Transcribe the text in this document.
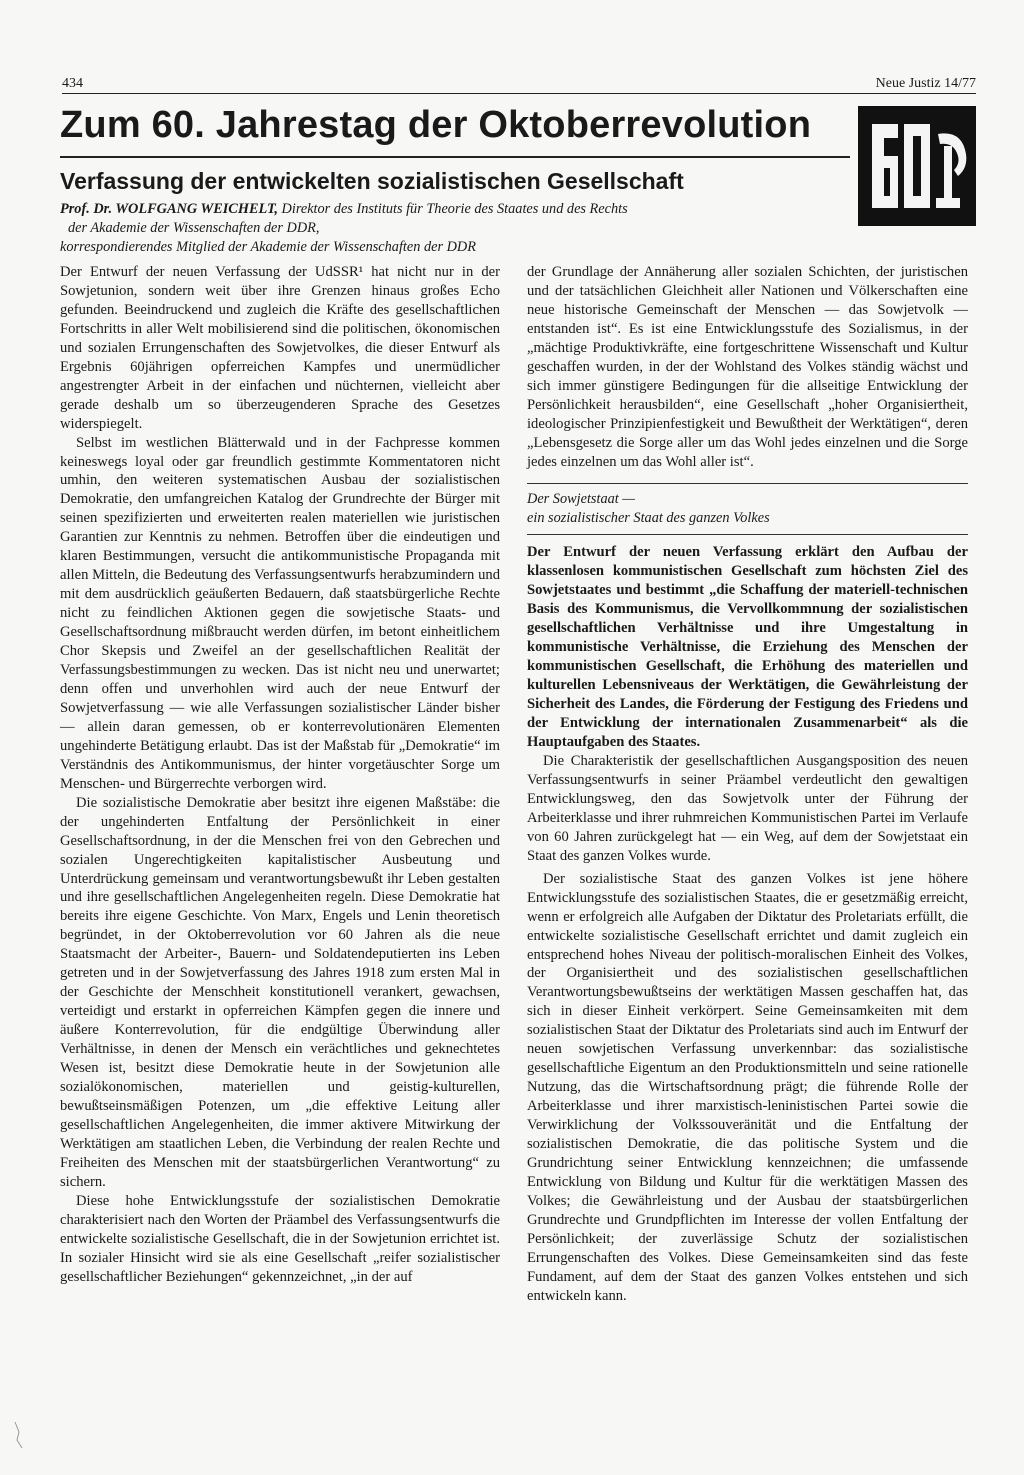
434	Neue Justiz 14/77
Zum 60. Jahrestag der Oktoberrevolution
Verfassung der entwickelten sozialistischen Gesellschaft
Prof. Dr. WOLFGANG WEICHELT, Direktor des Instituts für Theorie des Staates und des Rechts
der Akademie der Wissenschaften der DDR,
korrespondierendes Mitglied der Akademie der Wissenschaften der DDR

Der Entwurf der neuen Verfassung der UdSSR¹ hat nicht nur in der Sowjetunion, sondern weit über ihre Grenzen hinaus großes Echo gefunden. Beeindruckend und zugleich die Kräfte des gesellschaftlichen Fortschritts in aller Welt mobilisierend sind die politischen, ökonomischen und sozialen Errungenschaften des Sowjetvolkes, die dieser Entwurf als Ergebnis 60jährigen opferreichen Kampfes und unermüdlicher angestrengter Arbeit in der einfachen und nüchternen, vielleicht aber gerade deshalb um so überzeugenderen Sprache des Gesetzes widerspiegelt.

Selbst im westlichen Blätterwald und in der Fachpresse kommen keineswegs loyal oder gar freundlich gestimmte Kommentatoren nicht umhin, den weiteren systematischen Ausbau der sozialistischen Demokratie, den umfangreichen Katalog der Grundrechte der Bürger mit seinen spezifizierten und erweiterten realen materiellen wie juristischen Garantien zur Kenntnis zu nehmen. Betroffen über die eindeutigen und klaren Bestimmungen, versucht die antikommunistische Propaganda mit allen Mitteln, die Bedeutung des Verfassungsentwurfs herabzumindern und mit dem ausdrücklich geäußerten Bedauern, daß staatsbürgerliche Rechte nicht zu feindlichen Aktionen gegen die sowjetische Staats- und Gesellschaftsordnung mißbraucht werden dürfen, im betont einheitlichem Chor Skepsis und Zweifel an der gesellschaftlichen Realität der Verfassungsbestimmungen zu wecken. Das ist nicht neu und unerwartet; denn offen und unverhohlen wird auch der neue Entwurf der Sowjetverfassung — wie alle Verfassungen sozialistischer Länder bisher — allein daran gemessen, ob er konterrevolutionären Elementen ungehinderte Betätigung erlaubt. Das ist der Maßstab für „Demokratie“ im Verständnis des Antikommunismus, der hinter vorgetäuschter Sorge um Menschen- und Bürgerrechte verborgen wird.

Die sozialistische Demokratie aber besitzt ihre eigenen Maßstäbe: die der ungehinderten Entfaltung der Persönlichkeit in einer Gesellschaftsordnung, in der die Menschen frei von den Gebrechen und sozialen Ungerechtigkeiten kapitalistischer Ausbeutung und Unterdrückung gemeinsam und verantwortungsbewußt ihr Leben gestalten und ihre gesellschaftlichen Angelegenheiten regeln. Diese Demokratie hat bereits ihre eigene Geschichte. Von Marx, Engels und Lenin theoretisch begründet, in der Oktoberrevolution vor 60 Jahren als die neue Staatsmacht der Arbeiter-, Bauern- und Soldatendeputierten ins Leben getreten und in der Sowjetverfassung des Jahres 1918 zum ersten Mal in der Geschichte der Menschheit konstitutionell verankert, gewachsen, verteidigt und erstarkt in opferreichen Kämpfen gegen die innere und äußere Konterrevolution, für die endgültige Überwindung aller Verhältnisse, in denen der Mensch ein verächtliches und geknechtetes Wesen ist, besitzt diese Demokratie heute in der Sowjetunion alle sozialökonomischen, materiellen und geistig-kulturellen, bewußtseinsmäßigen Potenzen, um „die effektive Leitung aller gesellschaftlichen Angelegenheiten, die immer aktivere Mitwirkung der Werktätigen am staatlichen Leben, die Verbindung der realen Rechte und Freiheiten des Menschen mit der staatsbürgerlichen Verantwortung“ zu sichern.

Diese hohe Entwicklungsstufe der sozialistischen Demokratie charakterisiert nach den Worten der Präambel des Verfassungsentwurfs die entwickelte sozialistische Gesellschaft, die in der Sowjetunion errichtet ist. In sozialer Hinsicht wird sie als eine Gesellschaft „reifer sozialistischer gesellschaftlicher Beziehungen“ gekennzeichnet, „in der auf

der Grundlage der Annäherung aller sozialen Schichten, der juristischen und der tatsächlichen Gleichheit aller Nationen und Völkerschaften eine neue historische Gemeinschaft der Menschen — das Sowjetvolk — entstanden ist“. Es ist eine Entwicklungsstufe des Sozialismus, in der „mächtige Produktivkräfte, eine fortgeschrittene Wissenschaft und Kultur geschaffen wurden, in der der Wohlstand des Volkes ständig wächst und sich immer günstigere Bedingungen für die allseitige Entwicklung der Persönlichkeit herausbilden“, eine Gesellschaft „hoher Organisiertheit, ideologischer Prinzipienfestigkeit und Bewußtheit der Werktätigen“, deren „Lebensgesetz die Sorge aller um das Wohl jedes einzelnen und die Sorge jedes einzelnen um das Wohl aller ist“.

Der Sowjetstaat —
ein sozialistischer Staat des ganzen Volkes

Der Entwurf der neuen Verfassung erklärt den Aufbau der klassenlosen kommunistischen Gesellschaft zum höchsten Ziel des Sowjetstaates und bestimmt „die Schaffung der materiell-technischen Basis des Kommunismus, die Vervollkommnung der sozialistischen gesellschaftlichen Verhältnisse und ihre Umgestaltung in kommunistische Verhältnisse, die Erziehung des Menschen der kommunistischen Gesellschaft, die Erhöhung des materiellen und kulturellen Lebensniveaus der Werktätigen, die Gewährleistung der Sicherheit des Landes, die Förderung der Festigung des Friedens und der Entwicklung der internationalen Zusammenarbeit“ als die Hauptaufgaben des Staates.

Die Charakteristik der gesellschaftlichen Ausgangsposition des neuen Verfassungsentwurfs in seiner Präambel verdeutlicht den gewaltigen Entwicklungsweg, den das Sowjetvolk unter der Führung der Arbeiterklasse und ihrer ruhmreichen Kommunistischen Partei im Verlaufe von 60 Jahren zurückgelegt hat — ein Weg, auf dem der Sowjetstaat ein Staat des ganzen Volkes wurde.

Der sozialistische Staat des ganzen Volkes ist jene höhere Entwicklungsstufe des sozialistischen Staates, die er gesetzmäßig erreicht, wenn er erfolgreich alle Aufgaben der Diktatur des Proletariats erfüllt, die entwickelte sozialistische Gesellschaft errichtet und damit zugleich ein entsprechend hohes Niveau der politisch-moralischen Einheit des Volkes, der Organisiertheit und des sozialistischen gesellschaftlichen Verantwortungsbewußtseins der werktätigen Massen geschaffen hat, das sich in dieser Einheit verkörpert. Seine Gemeinsamkeiten mit dem sozialistischen Staat der Diktatur des Proletariats sind auch im Entwurf der neuen sowjetischen Verfassung unverkennbar: das sozialistische gesellschaftliche Eigentum an den Produktionsmitteln und seine rationelle Nutzung, das die Wirtschaftsordnung prägt; die führende Rolle der Arbeiterklasse und ihrer marxistisch-leninistischen Partei sowie die Verwirklichung der Volkssouveränität und die Entfaltung der sozialistischen Demokratie, die das politische System und die Grundrichtung seiner Entwicklung kennzeichnen; die umfassende Entwicklung von Bildung und Kultur für die werktätigen Massen des Volkes; die Gewährleistung und der Ausbau der staatsbürgerlichen Grundrechte und Grundpflichten im Interesse der vollen Entfaltung der Persönlichkeit; der zuverlässige Schutz der sozialistischen Errungenschaften des Volkes. Diese Gemeinsamkeiten sind das feste Fundament, auf dem der Staat des ganzen Volkes entstehen und sich entwickeln kann.
